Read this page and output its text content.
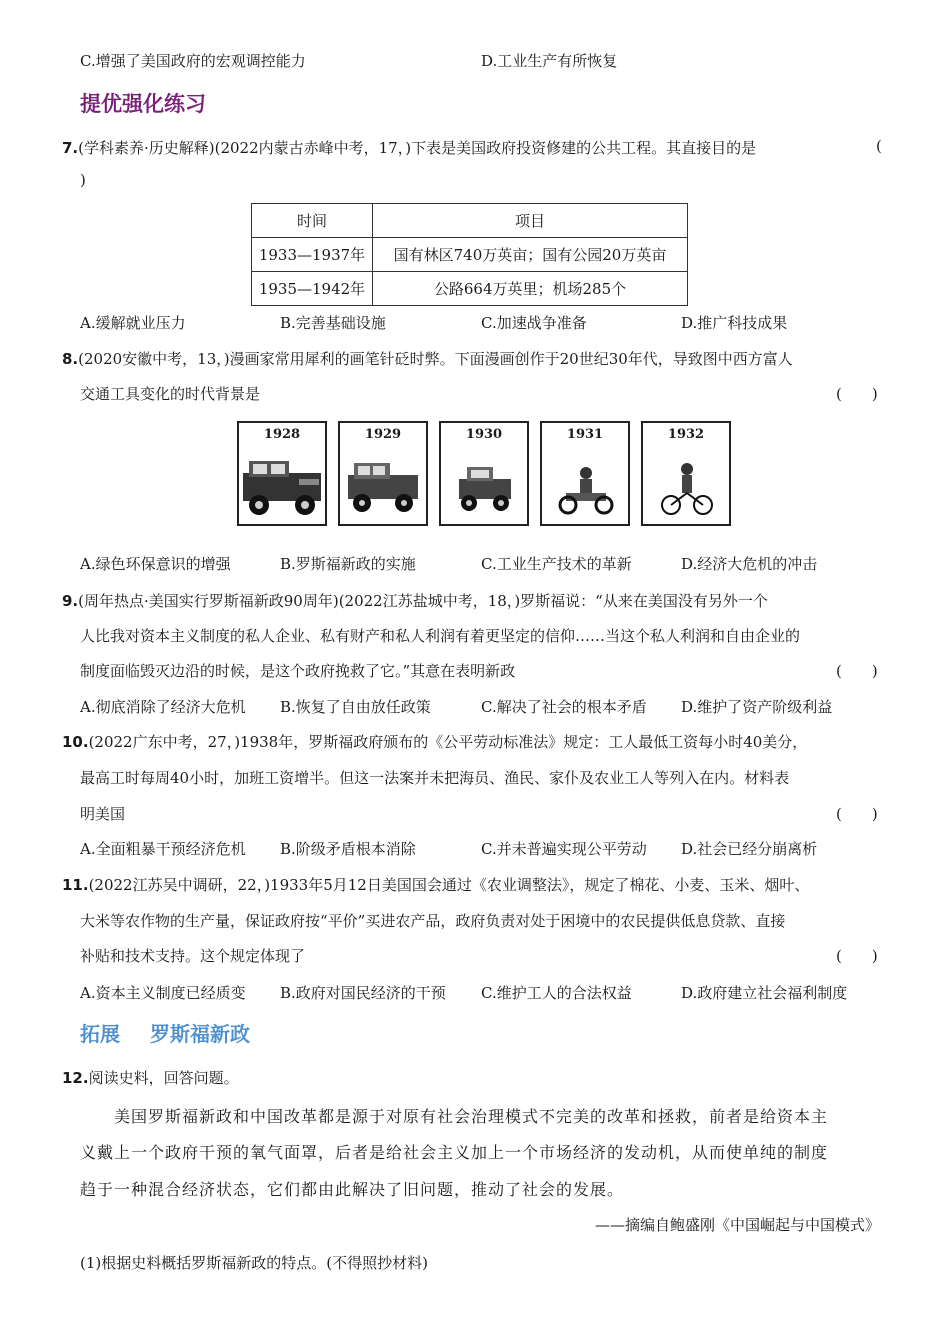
C.增强了美国政府的宏观调控能力	D.工业生产有所恢复
提优强化练习
7.(学科素养·历史解释)(2022内蒙古赤峰中考，17，)下表是美国政府投资修建的公共工程。其直接目的是	(
)
时间	项目
1933—1937年	国有林区740万英亩；国有公园20万英亩
1935—1942年	公路664万英里；机场285个
A.缓解就业压力	B.完善基础设施	C.加速战争准备	D.推广科技成果
8.(2020安徽中考，13，)漫画家常用犀利的画笔针砭时弊。下面漫画创作于20世纪30年代，导致图中西方富人
交通工具变化的时代背景是	(　　)
1928	1929	1930	1931	1932
A.绿色环保意识的增强	B.罗斯福新政的实施	C.工业生产技术的革新	D.经济大危机的冲击
9.(周年热点·美国实行罗斯福新政90周年)(2022江苏盐城中考，18，)罗斯福说：“从来在美国没有另外一个
人比我对资本主义制度的私人企业、私有财产和私人利润有着更坚定的信仰……当这个私人利润和自由企业的
制度面临毁灭边沿的时候，是这个政府挽救了它。”其意在表明新政	(　　)
A.彻底消除了经济大危机 B.恢复了自由放任政策	C.解决了社会的根本矛盾 D.维护了资产阶级利益
10.(2022广东中考，27，)1938年，罗斯福政府颁布的《公平劳动标准法》规定：工人最低工资每小时40美分，
最高工时每周40小时，加班工资增半。但这一法案并未把海员、渔民、家仆及农业工人等列入在内。材料表
明美国	(　　)
A.全面粗暴干预经济危机 B.阶级矛盾根本消除	C.并未普遍实现公平劳动 D.社会已经分崩离析
11.(2022江苏吴中调研，22，)1933年5月12日美国国会通过《农业调整法》，规定了棉花、小麦、玉米、烟叶、
大米等农作物的生产量，保证政府按“平价”买进农产品，政府负责对处于困境中的农民提供低息贷款、直接
补贴和技术支持。这个规定体现了	(　　)
A.资本主义制度已经质变 B.政府对国民经济的干预 C.维护工人的合法权益	D.政府建立社会福利制度
拓展 罗斯福新政
12.阅读史料，回答问题。
美国罗斯福新政和中国改革都是源于对原有社会治理模式不完美的改革和拯救，前者是给资本主
义戴上一个政府干预的氧气面罩，后者是给社会主义加上一个市场经济的发动机，从而使单纯的制度
趋于一种混合经济状态，它们都由此解决了旧问题，推动了社会的发展。
——摘编自鲍盛刚《中国崛起与中国模式》
(1)根据史料概括罗斯福新政的特点。(不得照抄材料)
